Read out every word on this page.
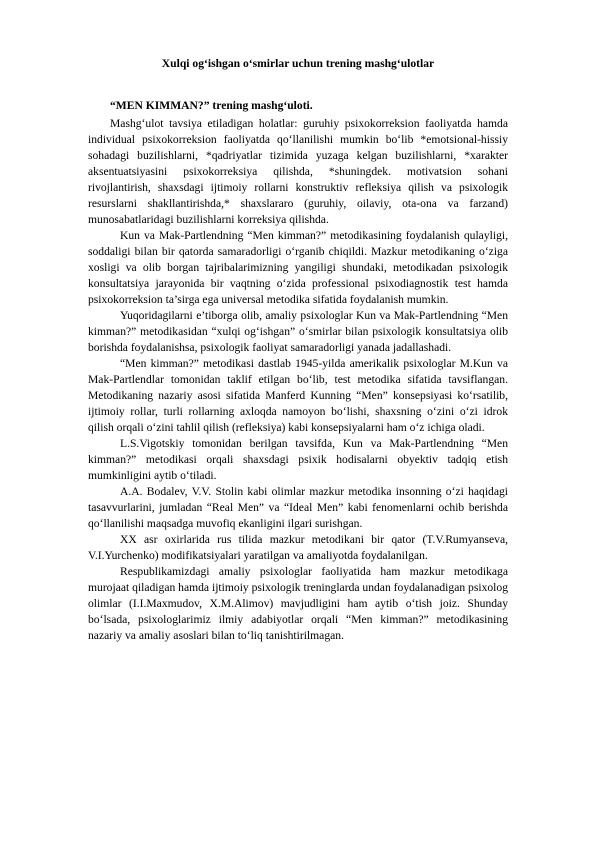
Xulqi og‘ishgan o‘smirlar uchun trening mashg‘ulotlar
“MEN KIMMAN?” trening mashg‘uloti.

Mashg‘ulot tavsiya etiladigan holatlar: guruhiy psixokorreksion faoliyatda hamda individual psixokorreksion faoliyatda qo‘llanilishi mumkin bo‘lib *emotsional-hissiy sohadagi buzilishlarni, *qadriyatlar tizimida yuzaga kelgan buzilishlarni, *xarakter aksentuatsiyasini psixokorreksiya qilishda, *shuningdek. motivatsion sohani rivojlantirish, shaxsdagi ijtimoiy rollarni konstruktiv refleksiya qilish va psixologik resurslarni shakllantirishda,* shaxslararo (guruhiy, oilaviy, ota-ona va farzand) munosabatlaridagi buzilishlarni korreksiya qilishda.

Kun va Mak-Partlendning “Men kimman?” metodikasining foydalanish qulayligi, soddaligi bilan bir qatorda samaradorligi o‘rganib chiqildi. Mazkur metodikaning o‘ziga xosligi va olib borgan tajribalarimizning yangiligi shundaki, metodikadan psixologik konsultatsiya jarayonida bir vaqtning o‘zida professional psixodiagnostik test hamda psixokorreksion ta’sirga ega universal metodika sifatida foydalanish mumkin.

Yuqoridagilarni e’tiborga olib, amaliy psixologlar Kun va Mak-Partlendning “Men kimman?” metodikasidan “xulqi og‘ishgan” o‘smirlar bilan psixologik konsultatsiya olib borishda foydalanishsa, psixologik faoliyat samaradorligi yanada jadallashadi.

“Men kimman?” metodikasi dastlab 1945-yilda amerikalik psixologlar M.Kun va Mak-Partlendlar tomonidan taklif etilgan bo‘lib, test metodika sifatida tavsiflangan. Metodikaning nazariy asosi sifatida Manferd Kunning “Men” konsepsiyasi ko‘rsatilib, ijtimoiy rollar, turli rollarning axloqda namoyon bo‘lishi, shaxsning o‘zini o‘zi idrok qilish orqali o‘zini tahlil qilish (refleksiya) kabi konsepsiyalarni ham o‘z ichiga oladi.

L.S.Vigotskiy tomonidan berilgan tavsifda, Kun va Mak-Partlendning “Men kimman?” metodikasi orqali shaxsdagi psixik hodisalarni obyektiv tadqiq etish mumkinligini aytib o‘tiladi.

A.A. Bodalev, V.V. Stolin kabi olimlar mazkur metodika insonning o‘zi haqidagi tasavvurlarini, jumladan “Real Men” va “Ideal Men” kabi fenomenlarni ochib berishda qo‘llanilishi maqsadga muvofiq ekanligini ilgari surishgan.

XX asr oxirlarida rus tilida mazkur metodikani bir qator (T.V.Rumyanseva, V.I.Yurchenko) modifikatsiyalari yaratilgan va amaliyotda foydalanilgan.

Respublikamizdagi amaliy psixologlar faoliyatida ham mazkur metodikaga murojaat qiladigan hamda ijtimoiy psixologik treninglarda undan foydalanadigan psixolog olimlar (I.I.Maxmudov, X.M.Alimov) mavjudligini ham aytib o‘tish joiz. Shunday bo‘lsada, psixologlarimiz ilmiy adabiyotlar orqali “Men kimman?” metodikasining nazariy va amaliy asoslari bilan to‘liq tanishtirilmagan.
